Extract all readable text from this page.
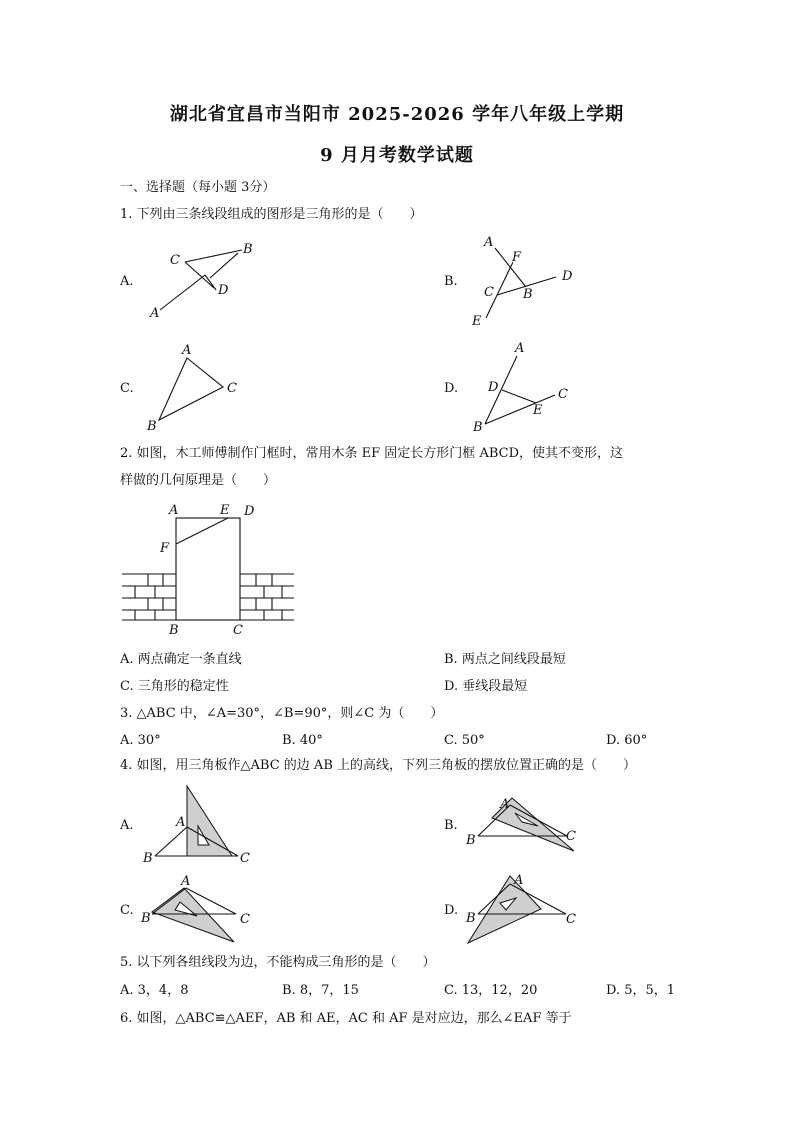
湖北省宜昌市当阳市 2025-2026 学年八年级上学期
9 月月考数学试题
一、选择题（每小题 3分）
1. 下列由三条线段组成的图形是三角形的是（　　）
A.	B.
C.	D.
C
B
D
A
A
F
D
C B
E
A
C
B
A
D	C
E
B
2. 如图，木工师傅制作门框时，常用木条 EF 固定长方形门框 ABCD，使其不变形，这
样做的几何原理是（　　）
A	E D
F
B	C
A. 两点确定一条直线	B. 两点之间线段最短
C. 三角形的稳定性	D. 垂线段最短
3. △ABC 中，∠A=30°，∠B=90°，则∠C 为（　　）
A. 30°	B. 40°	C. 50°	D. 60°
4. 如图，用三角板作△ABC 的边 AB 上的高线，下列三角板的摆放位置正确的是（　　）
A.	B.
C.	D.
A
B	C
A
B	C
A
B	C
A
B	C
5. 以下列各组线段为边，不能构成三角形的是（　　）
A. 3，4，8	B. 8，7，15	C. 13，12，20	D. 5，5，1
6. 如图，△ABC≌△AEF，AB 和 AE，AC 和 AF 是对应边，那么∠EAF 等于
